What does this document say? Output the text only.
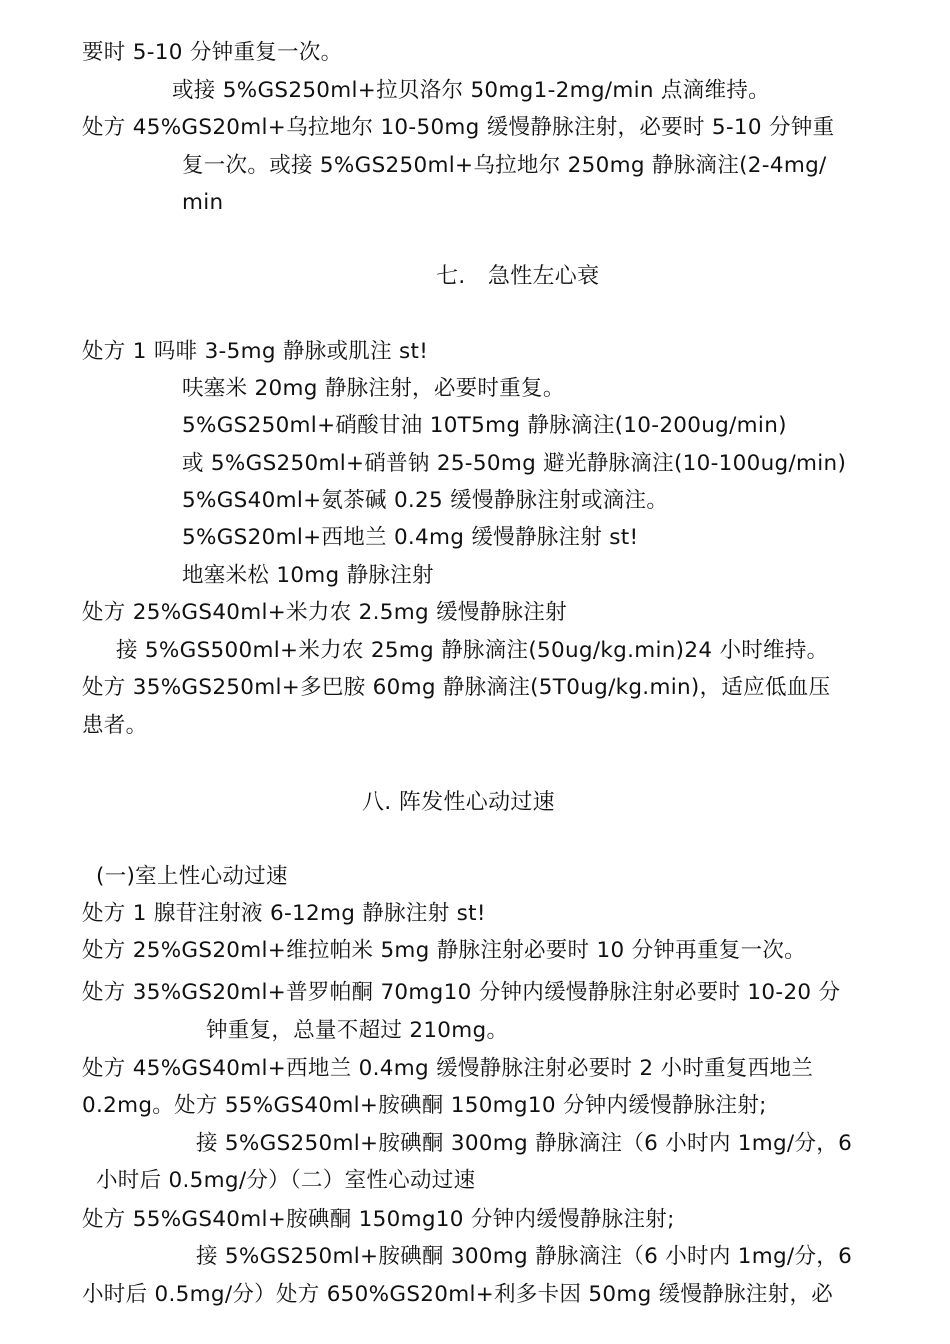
要时 5-10 分钟重复一次。
或接 5%GS250ml+拉贝洛尔 50mg1-2mg/min 点滴维持。
处方 45%GS20ml+乌拉地尔 10-50mg 缓慢静脉注射，必要时 5-10 分钟重
复一次。或接 5%GS250ml+乌拉地尔 250mg 静脉滴注(2-4mg/
min
七.　急性左心衰
处方 1 吗啡 3-5mg 静脉或肌注 st!
呋塞米 20mg 静脉注射，必要时重复。
5%GS250ml+硝酸甘油 10T5mg 静脉滴注(10-200ug/min)
或 5%GS250ml+硝普钠 25-50mg 避光静脉滴注(10-100ug/min)
5%GS40ml+氨茶碱 0.25 缓慢静脉注射或滴注。
5%GS20ml+西地兰 0.4mg 缓慢静脉注射 st!
地塞米松 10mg 静脉注射
处方 25%GS40ml+米力农 2.5mg 缓慢静脉注射
接 5%GS500ml+米力农 25mg 静脉滴注(50ug/kg.min)24 小时维持。
处方 35%GS250ml+多巴胺 60mg 静脉滴注(5T0ug/kg.min)，适应低血压
患者。
八. 阵发性心动过速
(一)室上性心动过速
处方 1 腺苷注射液 6-12mg 静脉注射 st!
处方 25%GS20ml+维拉帕米 5mg 静脉注射必要时 10 分钟再重复一次。
处方 35%GS20ml+普罗帕酮 70mg10 分钟内缓慢静脉注射必要时 10-20 分
钟重复，总量不超过 210mg。
处方 45%GS40ml+西地兰 0.4mg 缓慢静脉注射必要时 2 小时重复西地兰
0.2mg。处方 55%GS40ml+胺碘酮 150mg10 分钟内缓慢静脉注射;
接 5%GS250ml+胺碘酮 300mg 静脉滴注（6 小时内 1mg/分，6
小时后 0.5mg/分）（二）室性心动过速
处方 55%GS40ml+胺碘酮 150mg10 分钟内缓慢静脉注射;
接 5%GS250ml+胺碘酮 300mg 静脉滴注（6 小时内 1mg/分，6
小时后 0.5mg/分）处方 650%GS20ml+利多卡因 50mg 缓慢静脉注射，必
